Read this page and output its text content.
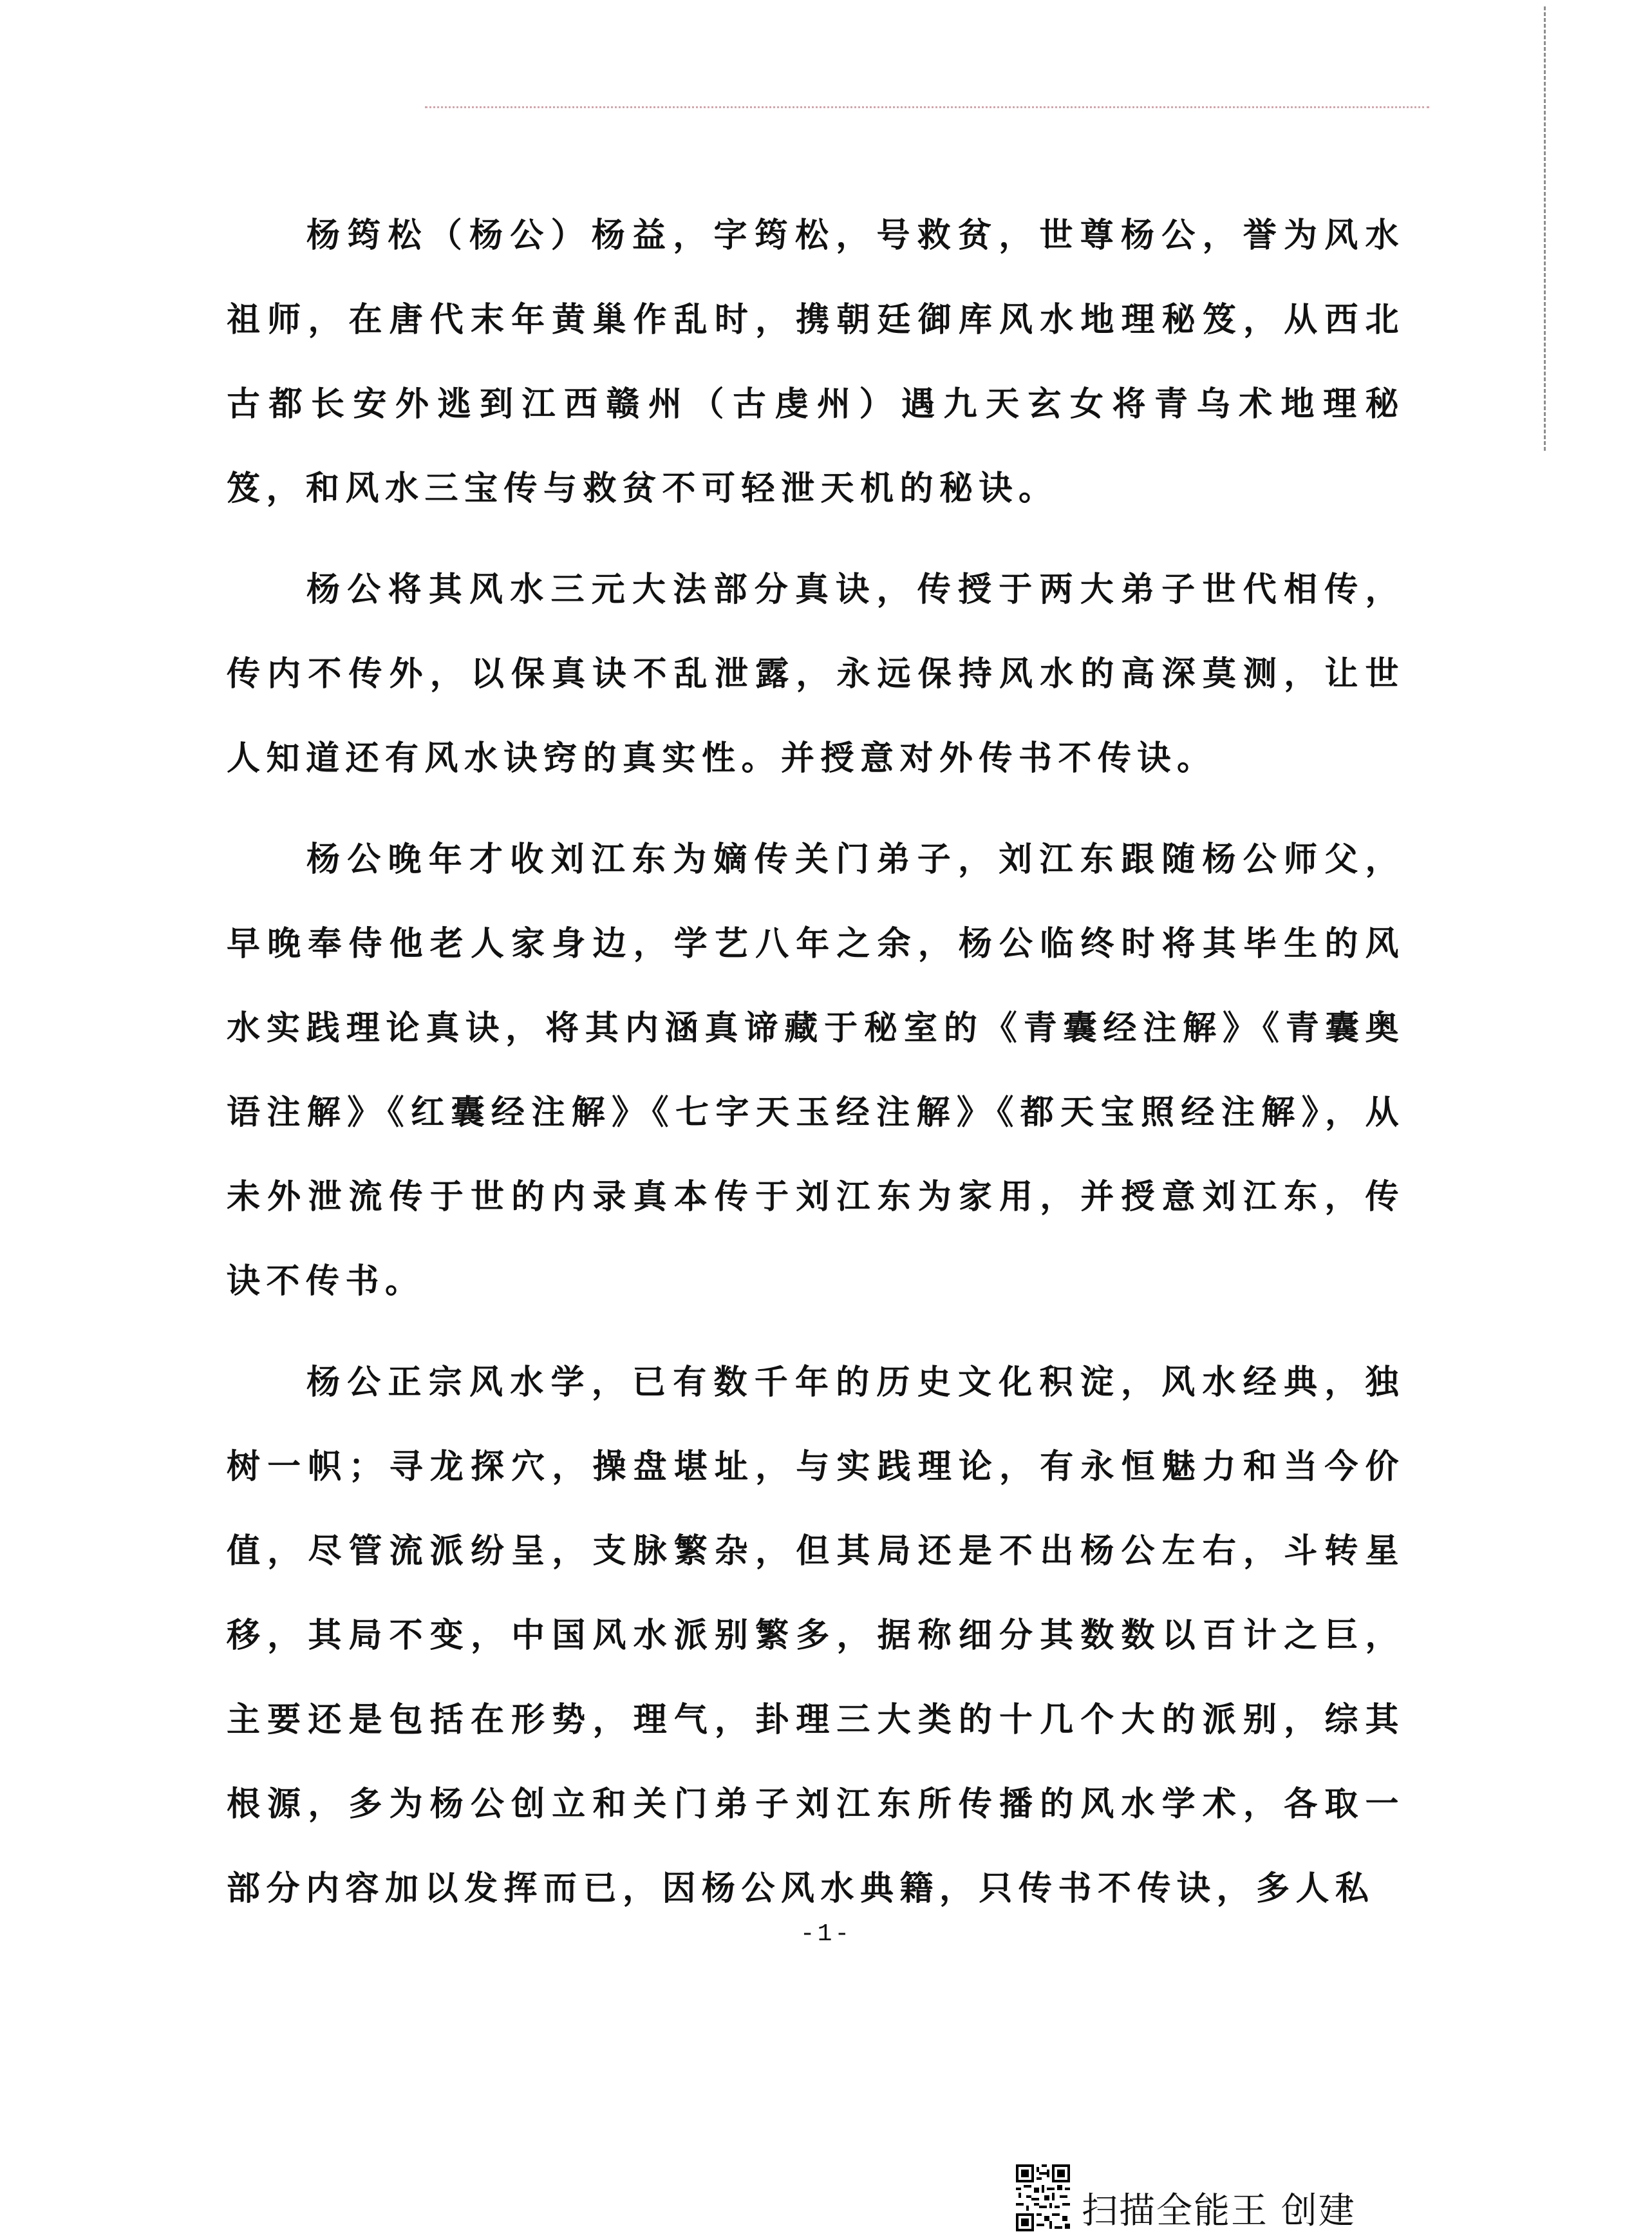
杨筠松（杨公）杨益，字筠松，号救贫，世尊杨公，誉为风水祖师，在唐代末年黄巢作乱时，携朝廷御库风水地理秘笈，从西北古都长安外逃到江西赣州（古虔州）遇九天玄女将青乌术地理秘笈，和风水三宝传与救贫不可轻泄天机的秘诀。

杨公将其风水三元大法部分真诀，传授于两大弟子世代相传，传内不传外，以保真诀不乱泄露，永远保持风水的高深莫测，让世人知道还有风水诀窍的真实性。并授意对外传书不传诀。

杨公晚年才收刘江东为嫡传关门弟子，刘江东跟随杨公师父，早晚奉侍他老人家身边，学艺八年之余，杨公临终时将其毕生的风水实践理论真诀，将其内涵真谛藏于秘室的《青囊经注解》《青囊奥语注解》《红囊经注解》《七字天玉经注解》《都天宝照经注解》，从未外泄流传于世的内录真本传于刘江东为家用，并授意刘江东，传诀不传书。

杨公正宗风水学，已有数千年的历史文化积淀，风水经典，独树一帜；寻龙探穴，操盘堪址，与实践理论，有永恒魅力和当今价值，尽管流派纷呈，支脉繁杂，但其局还是不出杨公左右，斗转星移，其局不变，中国风水派别繁多，据称细分其数数以百计之巨，主要还是包括在形势，理气，卦理三大类的十几个大的派别，综其根源，多为杨公创立和关门弟子刘江东所传播的风水学术，各取一部分内容加以发挥而已，因杨公风水典籍，只传书不传诀，多人私

-1-
扫描全能王 创建
